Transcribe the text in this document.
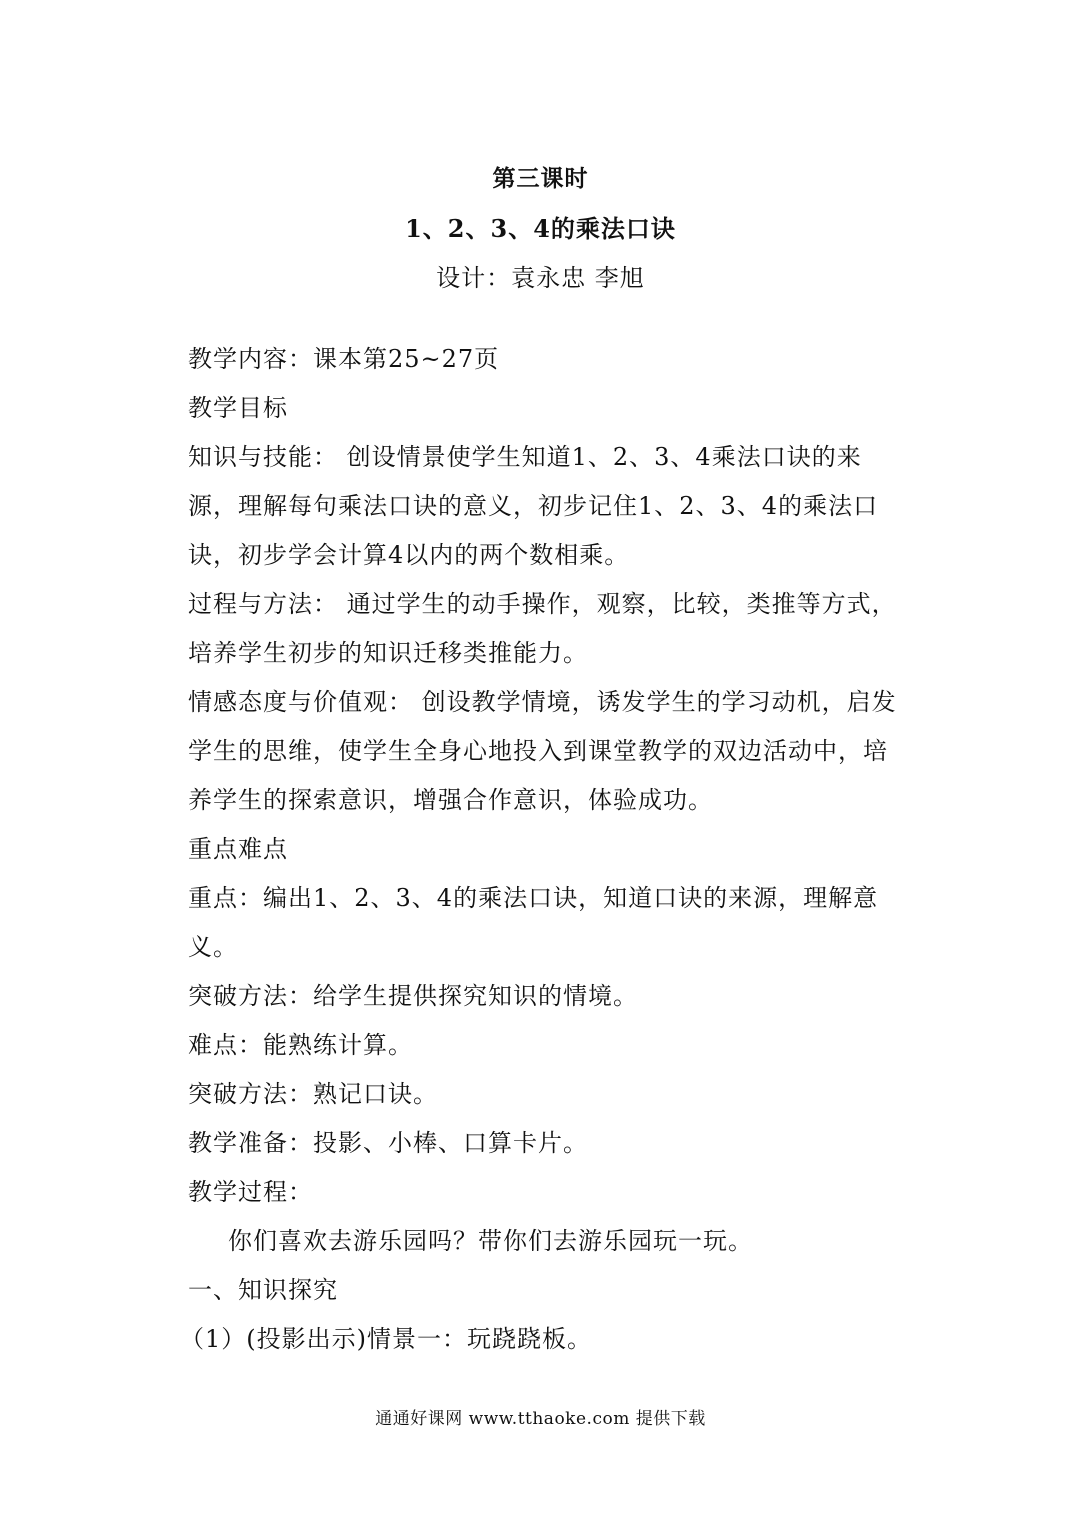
第三课时
1、2、3、4的乘法口诀
设计：袁永忠 李旭

教学内容：课本第25~27页

教学目标

知识与技能： 创设情景使学生知道1、2、3、4乘法口诀的来源，理解每句乘法口诀的意义，初步记住1、2、3、4的乘法口诀，初步学会计算4以内的两个数相乘。

过程与方法： 通过学生的动手操作，观察，比较，类推等方式，培养学生初步的知识迁移类推能力。

情感态度与价值观： 创设教学情境，诱发学生的学习动机，启发学生的思维，使学生全身心地投入到课堂教学的双边活动中，培养学生的探索意识，增强合作意识，体验成功。

重点难点

重点：编出1、2、3、4的乘法口诀，知道口诀的来源，理解意义。

突破方法：给学生提供探究知识的情境。

难点：能熟练计算。

突破方法：熟记口诀。

教学准备：投影、小棒、口算卡片。

教学过程：

你们喜欢去游乐园吗？带你们去游乐园玩一玩。

一、知识探究

（1）(投影出示)情景一：玩跷跷板。

通通好课网 www.tthaoke.com 提供下载
